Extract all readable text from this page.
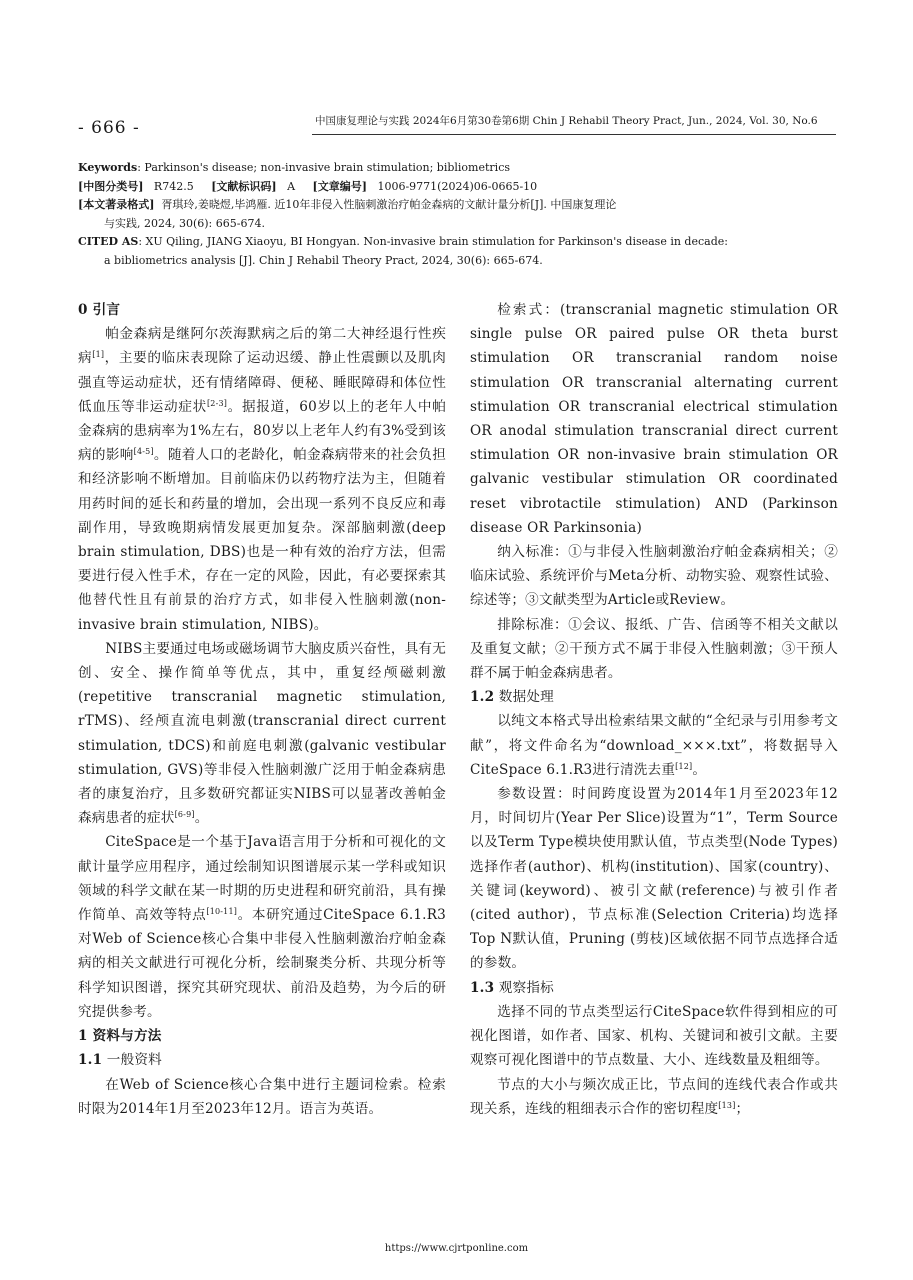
- 666 -	中国康复理论与实践 2024年6月第30卷第6期 Chin J Rehabil Theory Pract, Jun., 2024, Vol. 30, No.6

Keywords: Parkinson's disease; non-invasive brain stimulation; bibliometrics

[中图分类号] R742.5 [文献标识码] A [文章编号] 1006-9771(2024)06-0665-10

[本文著录格式] 胥琪玲,姜晓煜,毕鸿雁. 近10年非侵入性脑刺激治疗帕金森病的文献计量分析[J]. 中国康复理论

与实践, 2024, 30(6): 665-674.

CITED AS: XU Qiling, JIANG Xiaoyu, BI Hongyan. Non-invasive brain stimulation for Parkinson's disease in decade:

a bibliometrics analysis [J]. Chin J Rehabil Theory Pract, 2024, 30(6): 665-674.

0 引言

帕金森病是继阿尔茨海默病之后的第二大神经退行性疾病[1]，主要的临床表现除了运动迟缓、静止性震颤以及肌肉强直等运动症状，还有情绪障碍、便秘、睡眠障碍和体位性低血压等非运动症状[2-3]。据报道，60岁以上的老年人中帕金森病的患病率为1%左右，80岁以上老年人约有3%受到该病的影响[4-5]。随着人口的老龄化，帕金森病带来的社会负担和经济影响不断增加。目前临床仍以药物疗法为主，但随着用药时间的延长和药量的增加，会出现一系列不良反应和毒副作用，导致晚期病情发展更加复杂。深部脑刺激(deep brain stimulation, DBS)也是一种有效的治疗方法，但需要进行侵入性手术，存在一定的风险，因此，有必要探索其他替代性且有前景的治疗方式，如非侵入性脑刺激(non-invasive brain stimulation, NIBS)。

NIBS主要通过电场或磁场调节大脑皮质兴奋性，具有无创、安全、操作简单等优点，其中，重复经颅磁刺激(repetitive transcranial magnetic stimulation, rTMS)、经颅直流电刺激(transcranial direct current stimulation, tDCS)和前庭电刺激(galvanic vestibular stimulation, GVS)等非侵入性脑刺激广泛用于帕金森病患者的康复治疗，且多数研究都证实NIBS可以显著改善帕金森病患者的症状[6-9]。

CiteSpace是一个基于Java语言用于分析和可视化的文献计量学应用程序，通过绘制知识图谱展示某一学科或知识领域的科学文献在某一时期的历史进程和研究前沿，具有操作简单、高效等特点[10-11]。本研究通过CiteSpace 6.1.R3对Web of Science核心合集中非侵入性脑刺激治疗帕金森病的相关文献进行可视化分析，绘制聚类分析、共现分析等科学知识图谱，探究其研究现状、前沿及趋势，为今后的研究提供参考。

1 资料与方法
1.1 一般资料

在Web of Science核心合集中进行主题词检索。检索时限为2014年1月至2023年12月。语言为英语。

检索式：(transcranial magnetic stimulation OR single pulse OR paired pulse OR theta burst stimulation OR transcranial random noise stimulation OR transcranial alternating current stimulation OR transcranial electrical stimulation OR anodal stimulation transcranial direct current stimulation OR non-invasive brain stimulation OR galvanic vestibular stimulation OR coordinated reset vibrotactile stimulation) AND (Parkinson disease OR Parkinsonia)

纳入标准：①与非侵入性脑刺激治疗帕金森病相关；②临床试验、系统评价与Meta分析、动物实验、观察性试验、综述等；③文献类型为Article或Review。

排除标准：①会议、报纸、广告、信函等不相关文献以及重复文献；②干预方式不属于非侵入性脑刺激；③干预人群不属于帕金森病患者。

1.2 数据处理

以纯文本格式导出检索结果文献的“全纪录与引用参考文献”，将文件命名为“download_×××.txt”，将数据导入CiteSpace 6.1.R3进行清洗去重[12]。

参数设置：时间跨度设置为2014年1月至2023年12月，时间切片(Year Per Slice)设置为“1”，Term Source以及Term Type模块使用默认值，节点类型(Node Types)选择作者(author)、机构(institution)、国家(country)、关键词(keyword)、被引文献(reference)与被引作者(cited author)，节点标准(Selection Criteria)均选择Top N默认值，Pruning (剪枝)区域依据不同节点选择合适的参数。

1.3 观察指标

选择不同的节点类型运行CiteSpace软件得到相应的可视化图谱，如作者、国家、机构、关键词和被引文献。主要观察可视化图谱中的节点数量、大小、连线数量及粗细等。

节点的大小与频次成正比，节点间的连线代表合作或共现关系，连线的粗细表示合作的密切程度[13]；

https://www.cjrtponline.com
